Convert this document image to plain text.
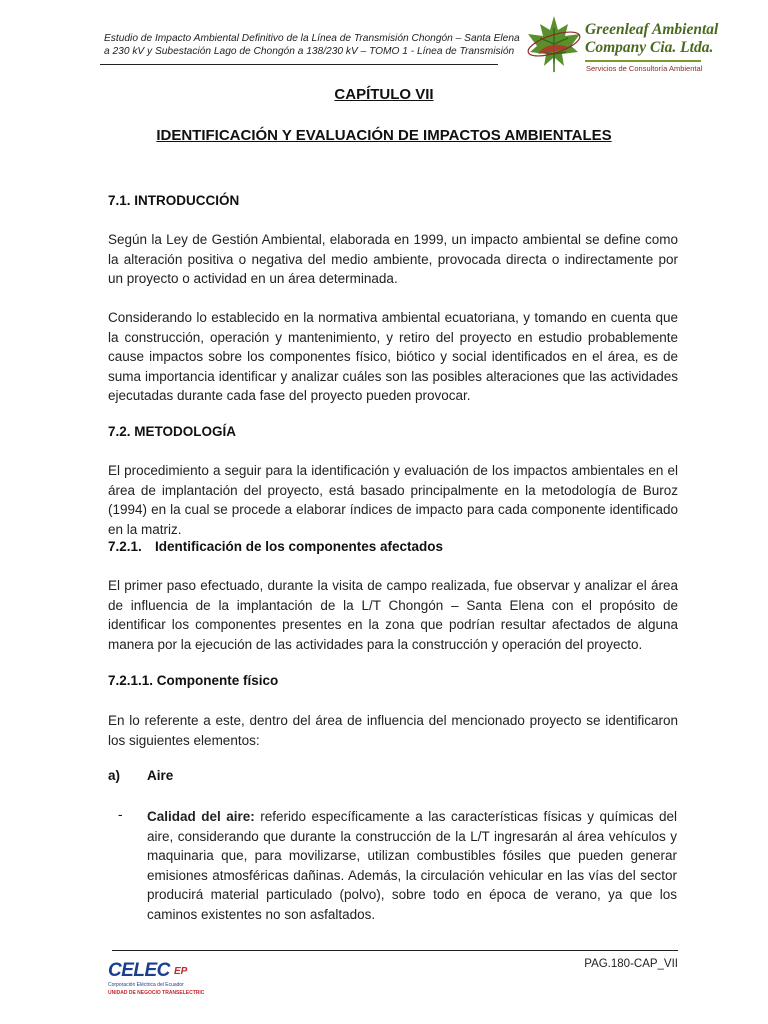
Estudio de Impacto Ambiental Definitivo de la Línea de Transmisión Chongón – Santa Elena
a 230 kV y Subestación Lago de Chongón a 138/230 kV – TOMO 1 - Línea de Transmisión
Greenleaf Ambiental
Company Cia. Ltda.
Servicios de Consultoría Ambiental
CAPÍTULO VII
IDENTIFICACIÓN Y EVALUACIÓN DE IMPACTOS AMBIENTALES
7.1. INTRODUCCIÓN
Según la Ley de Gestión Ambiental, elaborada en 1999, un impacto ambiental se define como la alteración positiva o negativa del medio ambiente, provocada directa o indirectamente por un proyecto o actividad en un área determinada.
Considerando lo establecido en la normativa ambiental ecuatoriana, y tomando en cuenta que la construcción, operación y mantenimiento, y retiro del proyecto en estudio probablemente cause impactos sobre los componentes físico, biótico y social identificados en el área, es de suma importancia identificar y analizar cuáles son las posibles alteraciones que las actividades ejecutadas durante cada fase del proyecto pueden provocar.
7.2. METODOLOGÍA
El procedimiento a seguir para la identificación y evaluación de los impactos ambientales en el área de implantación del proyecto, está basado principalmente en la metodología de Buroz (1994) en la cual se procede a elaborar índices de impacto para cada componente identificado en la matriz.
7.2.1. Identificación de los componentes afectados
El primer paso efectuado, durante la visita de campo realizada, fue observar y analizar el área de influencia de la implantación de la L/T Chongón – Santa Elena con el propósito de identificar los componentes presentes en la zona que podrían resultar afectados de alguna manera por la ejecución de las actividades para la construcción y operación del proyecto.
7.2.1.1. Componente físico
En lo referente a este, dentro del área de influencia del mencionado proyecto se identificaron los siguientes elementos:
a) Aire
- Calidad del aire: referido específicamente a las características físicas y químicas del aire, considerando que durante la construcción de la L/T ingresarán al área vehículos y maquinaria que, para movilizarse, utilizan combustibles fósiles que pueden generar emisiones atmosféricas dañinas. Además, la circulación vehicular en las vías del sector producirá material particulado (polvo), sobre todo en época de verano, ya que los caminos existentes no son asfaltados.
PAG.180-CAP_VII
CELEC EP
Corporación Eléctrica del Ecuador
UNIDAD DE NEGOCIO TRANSELECTRIC
